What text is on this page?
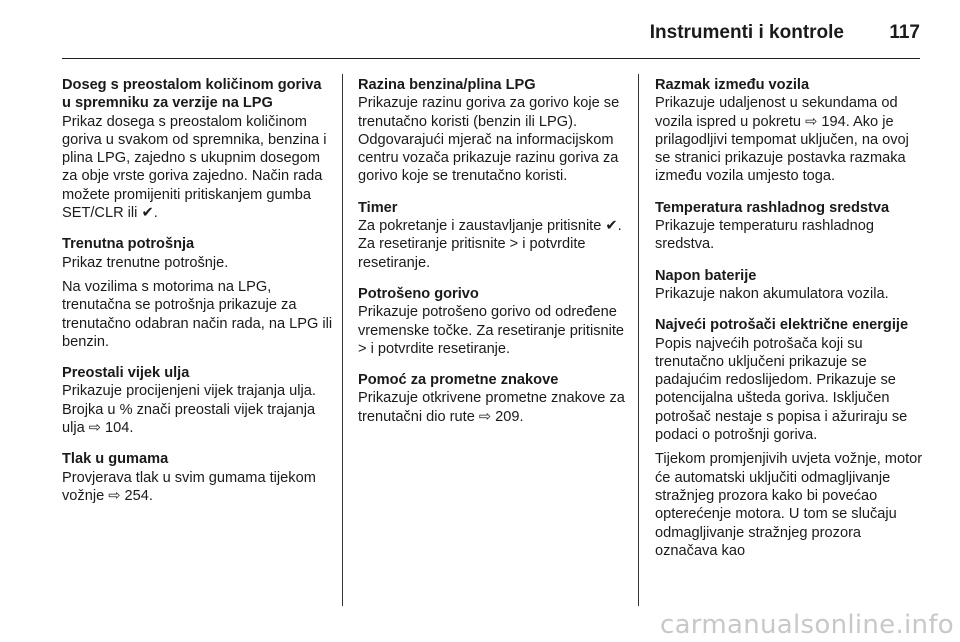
Instrumenti i kontrole 117
Doseg s preostalom količinom goriva u spremniku za verzije na LPG

Prikaz dosega s preostalom količinom goriva u svakom od spremnika, benzina i plina LPG, zajedno s ukupnim dosegom za obje vrste goriva zajedno. Način rada možete promijeniti pritiskanjem gumba SET/CLR ili ✔.

Trenutna potrošnja

Prikaz trenutne potrošnje.

Na vozilima s motorima na LPG, trenutačna se potrošnja prikazuje za trenutačno odabran način rada, na LPG ili benzin.

Preostali vijek ulja

Prikazuje procijenjeni vijek trajanja ulja. Brojka u % znači preostali vijek trajanja ulja ⇨ 104.

Tlak u gumama

Provjerava tlak u svim gumama tijekom vožnje ⇨ 254.

Razina benzina/plina LPG

Prikazuje razinu goriva za gorivo koje se trenutačno koristi (benzin ili LPG). Odgovarajući mjerač na informacijskom centru vozača prikazuje razinu goriva za gorivo koje se trenutačno koristi.

Timer

Za pokretanje i zaustavljanje pritisnite ✔. Za resetiranje pritisnite > i potvrdite resetiranje.

Potrošeno gorivo

Prikazuje potrošeno gorivo od određene vremenske točke. Za resetiranje pritisnite > i potvrdite resetiranje.

Pomoć za prometne znakove

Prikazuje otkrivene prometne znakove za trenutačni dio rute ⇨ 209.

Razmak između vozila

Prikazuje udaljenost u sekundama od vozila ispred u pokretu ⇨ 194. Ako je prilagodljivi tempomat uključen, na ovoj se stranici prikazuje postavka razmaka između vozila umjesto toga.

Temperatura rashladnog sredstva

Prikazuje temperaturu rashladnog sredstva.

Napon baterije

Prikazuje nakon akumulatora vozila.

Najveći potrošači električne energije

Popis najvećih potrošača koji su trenutačno uključeni prikazuje se padajućim redoslijedom. Prikazuje se potencijalna ušteda goriva. Isključen potrošač nestaje s popisa i ažuriraju se podaci o potrošnji goriva.

Tijekom promjenjivih uvjeta vožnje, motor će automatski uključiti odmagljivanje stražnjeg prozora kako bi povećao opterećenje motora. U tom se slučaju odmagljivanje stražnjeg prozora označava kao

carmanualsonline.info
